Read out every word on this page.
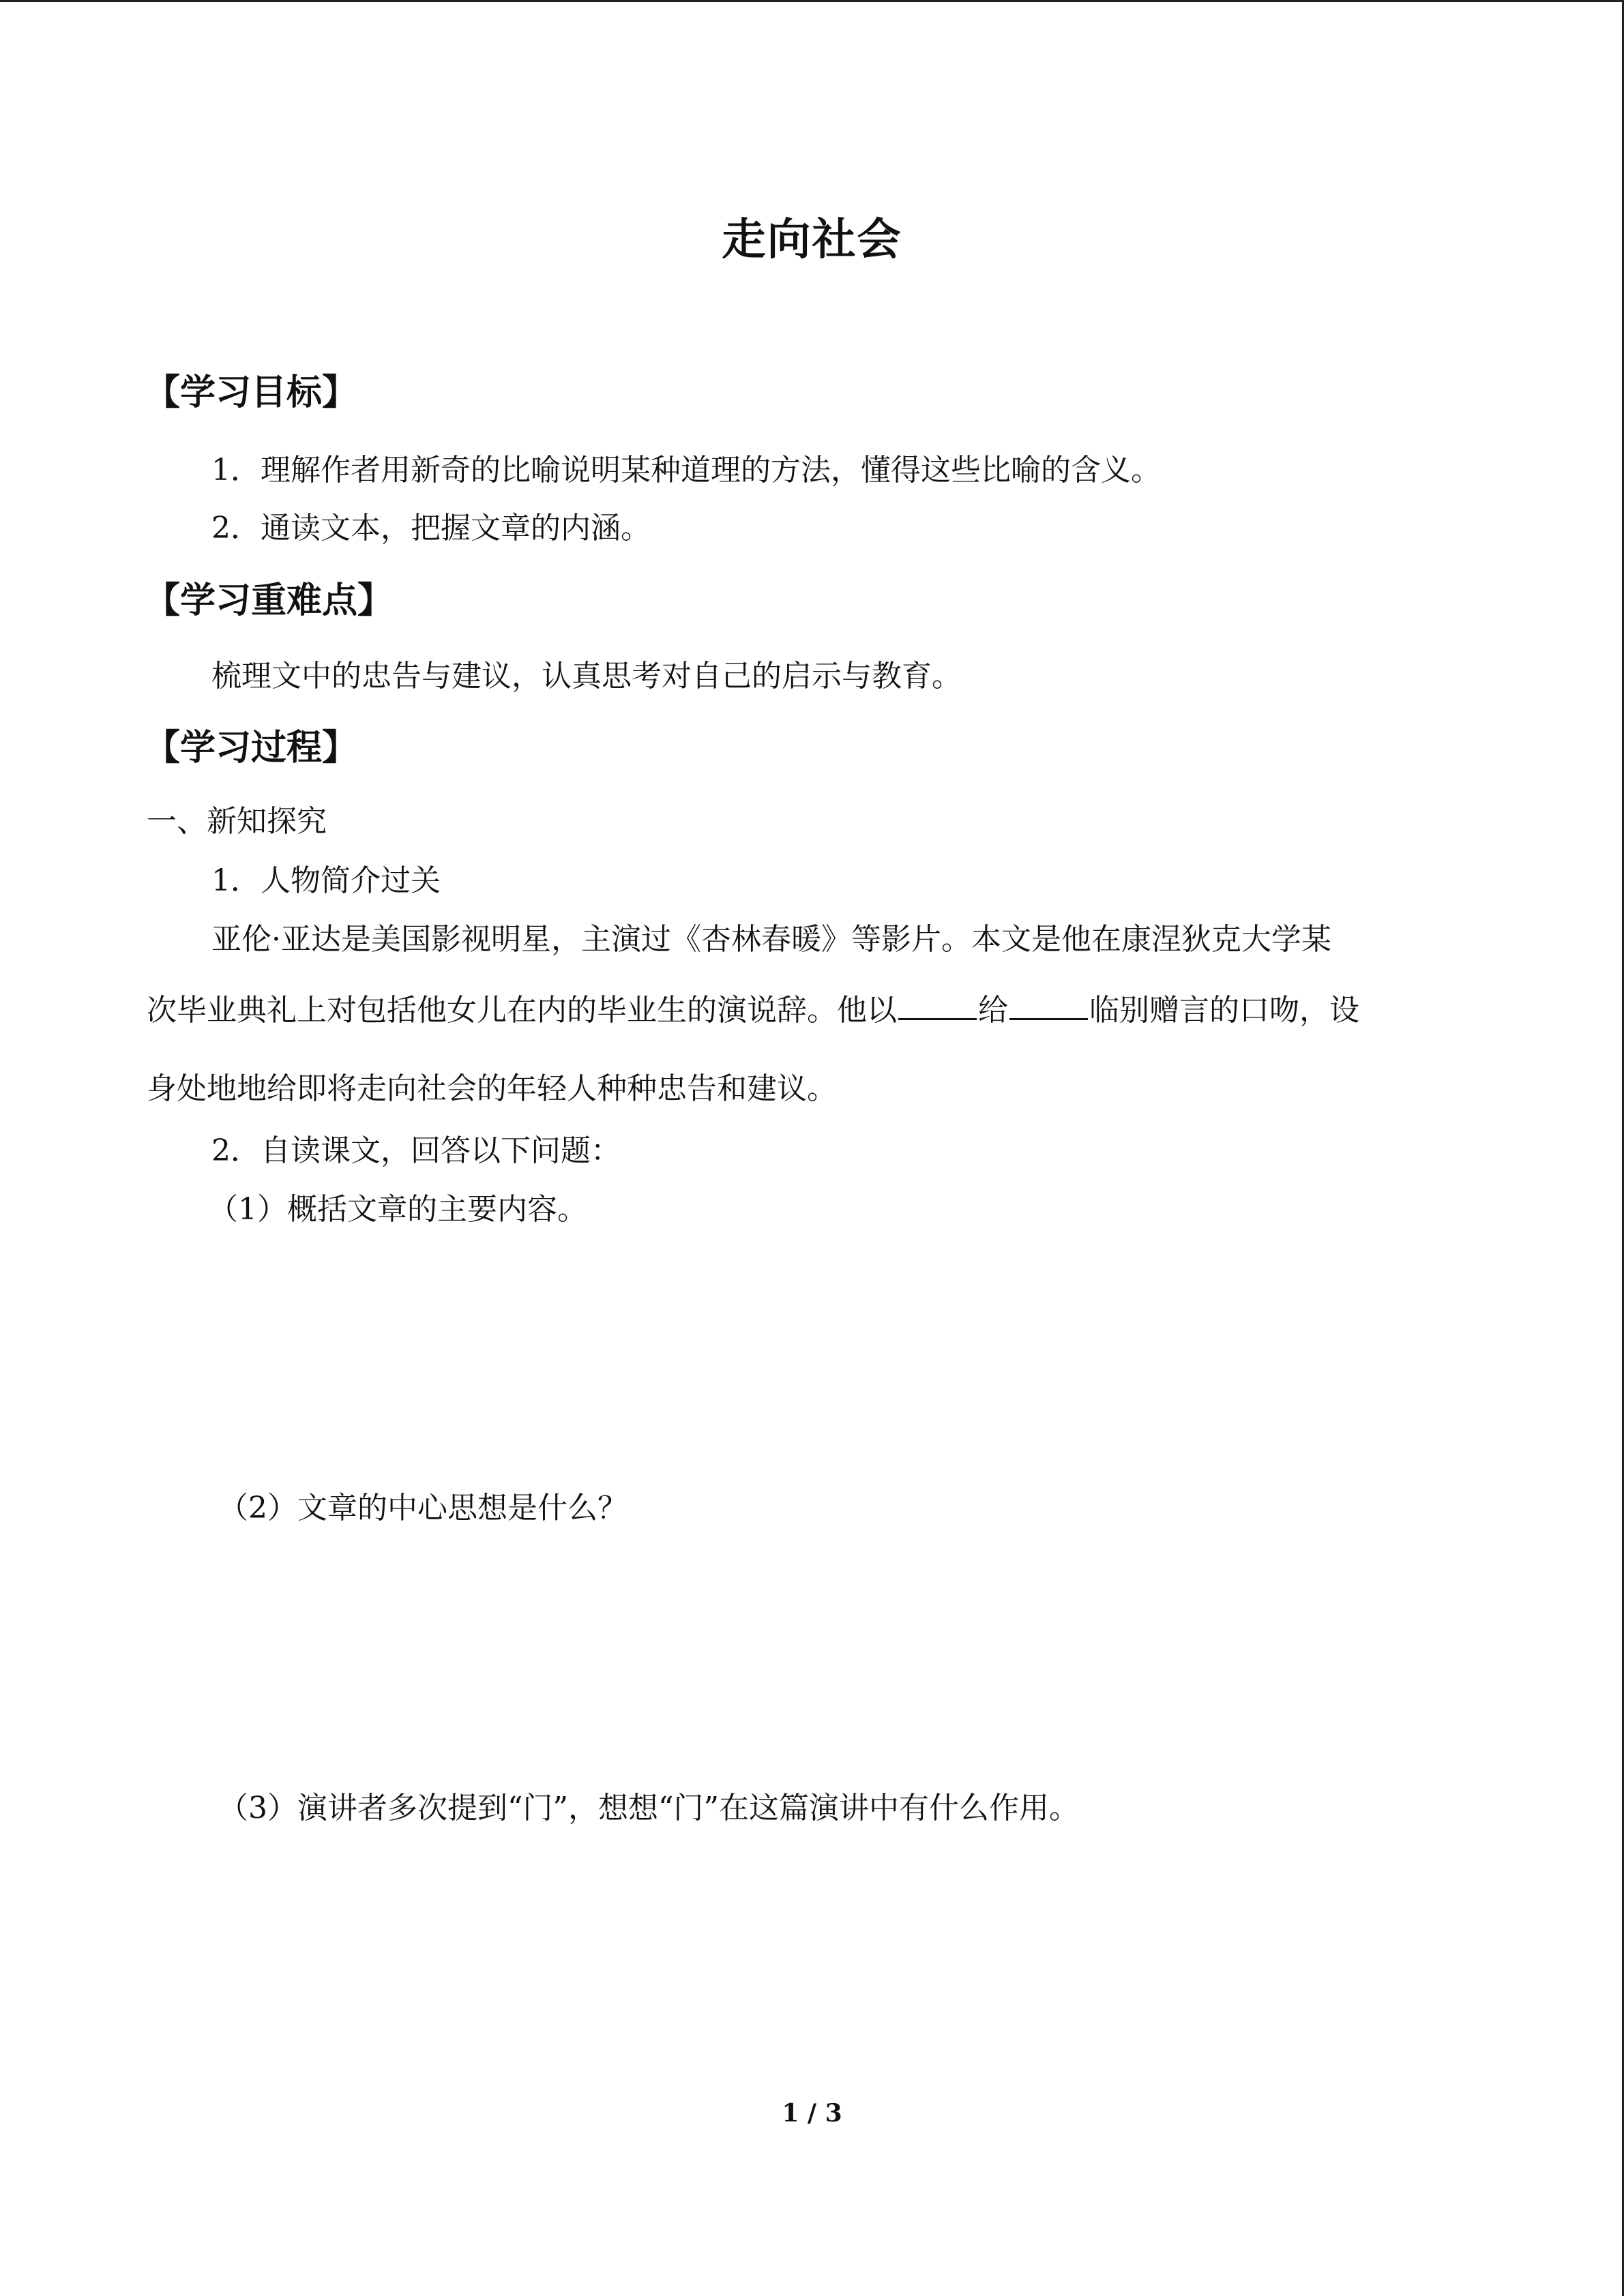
走向社会
【学习目标】
1．理解作者用新奇的比喻说明某种道理的方法，懂得这些比喻的含义。
2．通读文本，把握文章的内涵。
【学习重难点】
梳理文中的忠告与建议，认真思考对自己的启示与教育。
【学习过程】
一、新知探究
1．人物简介过关
亚伦·亚达是美国影视明星，主演过《杏林春暖》等影片。本文是他在康涅狄克大学某
次毕业典礼上对包括他女儿在内的毕业生的演说辞。他以	给	临别赠言的口吻，设
身处地地给即将走向社会的年轻人种种忠告和建议。
2．自读课文，回答以下问题：
（1）概括文章的主要内容。
（2）文章的中心思想是什么？
（3）演讲者多次提到“门”，想想“门”在这篇演讲中有什么作用。
1 / 3
